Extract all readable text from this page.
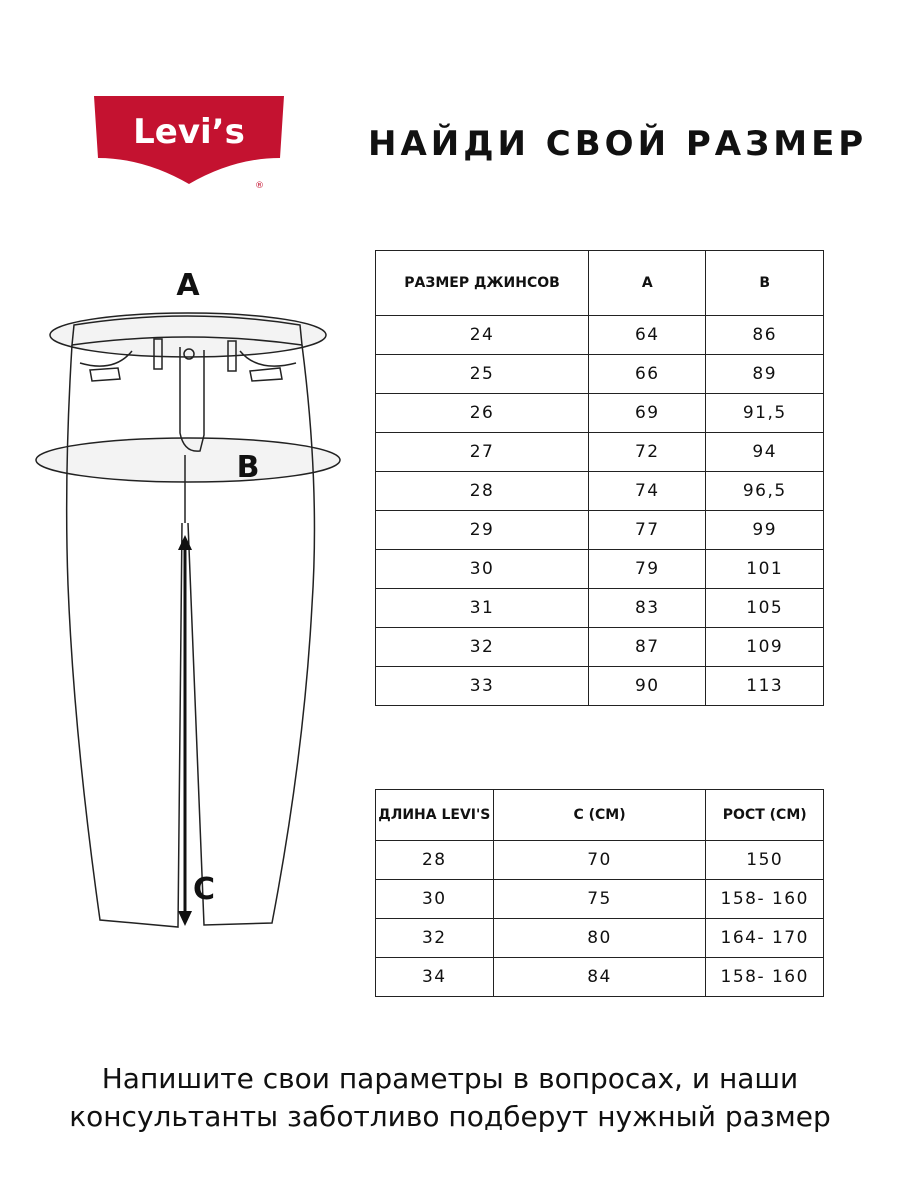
Levi’s
®
НАЙДИ СВОЙ РАЗМЕР
A
B
C
РАЗМЕР ДЖИНСОВ	A	B
24	64	86
25	66	89
26	69	91,5
27	72	94
28	74	96,5
29	77	99
30	79	101
31	83	105
32	87	109
33	90	113
ДЛИНА LEVI'S	C (СМ)	РОСТ (СМ)
28	70	150
30	75	158- 160
32	80	164- 170
34	84	158- 160
Напишите свои параметры в вопросах, и наши
консультанты заботливо подберут нужный размер
